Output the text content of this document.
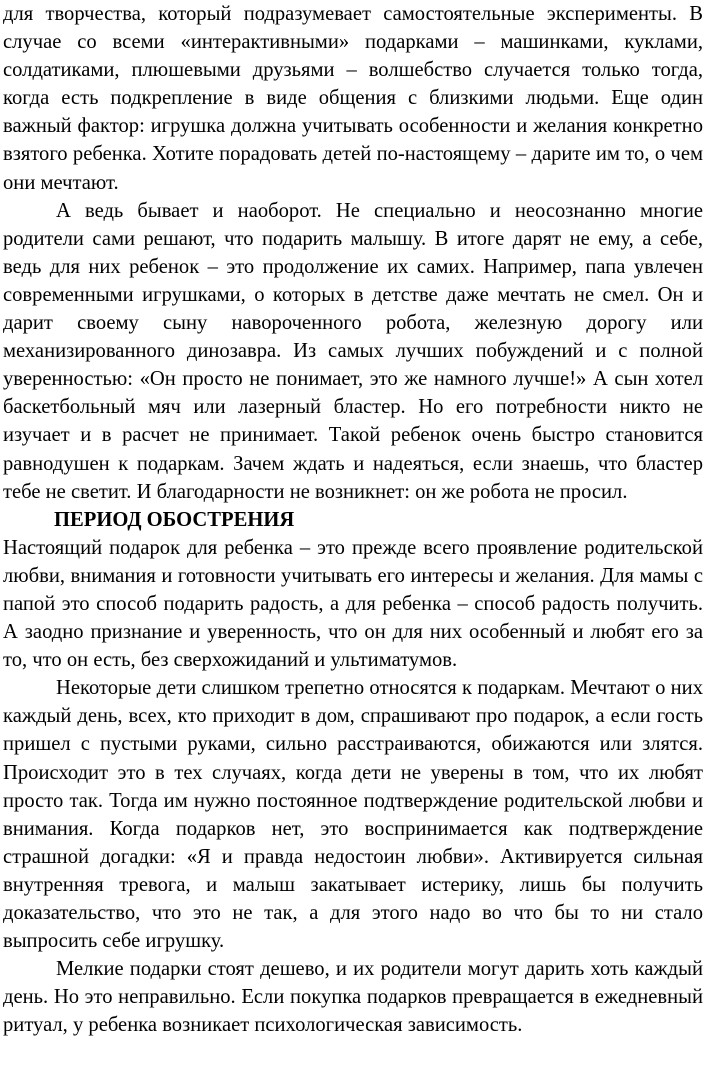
для творчества, который подразумевает самостоятельные эксперименты. В случае со всеми «интерактивными» подарками – машинками, куклами, солдатиками, плюшевыми друзьями – волшебство случается только тогда, когда есть подкрепление в виде общения с близкими людьми. Еще один важный фактор: игрушка должна учитывать особенности и желания конкретно взятого ребенка. Хотите порадовать детей по-настоящему – дарите им то, о чем они мечтают.

А ведь бывает и наоборот. Не специально и неосознанно многие родители сами решают, что подарить малышу. В итоге дарят не ему, а себе, ведь для них ребенок – это продолжение их самих. Например, папа увлечен современными игрушками, о которых в детстве даже мечтать не смел. Он и дарит своему сыну навороченного робота, железную дорогу или механизированного динозавра. Из самых лучших побуждений и с полной уверенностью: «Он просто не понимает, это же намного лучше!» А сын хотел баскетбольный мяч или лазерный бластер. Но его потребности никто не изучает и в расчет не принимает. Такой ребенок очень быстро становится равнодушен к подаркам. Зачем ждать и надеяться, если знаешь, что бластер тебе не светит. И благодарности не возникнет: он же робота не просил.

ПЕРИОД ОБОСТРЕНИЯ

Настоящий подарок для ребенка – это прежде всего проявление родительской любви, внимания и готовности учитывать его интересы и желания. Для мамы с папой это способ подарить радость, а для ребенка – способ радость получить. А заодно признание и уверенность, что он для них особенный и любят его за то, что он есть, без сверхожиданий и ультиматумов.

Некоторые дети слишком трепетно относятся к подаркам. Мечтают о них каждый день, всех, кто приходит в дом, спрашивают про подарок, а если гость пришел с пустыми руками, сильно расстраиваются, обижаются или злятся. Происходит это в тех случаях, когда дети не уверены в том, что их любят просто так. Тогда им нужно постоянное подтверждение родительской любви и внимания. Когда подарков нет, это воспринимается как подтверждение страшной догадки: «Я и правда недостоин любви». Активируется сильная внутренняя тревога, и малыш закатывает истерику, лишь бы получить доказательство, что это не так, а для этого надо во что бы то ни стало выпросить себе игрушку.

Мелкие подарки стоят дешево, и их родители могут дарить хоть каждый день. Но это неправильно. Если покупка подарков превращается в ежедневный ритуал, у ребенка возникает психологическая зависимость.
